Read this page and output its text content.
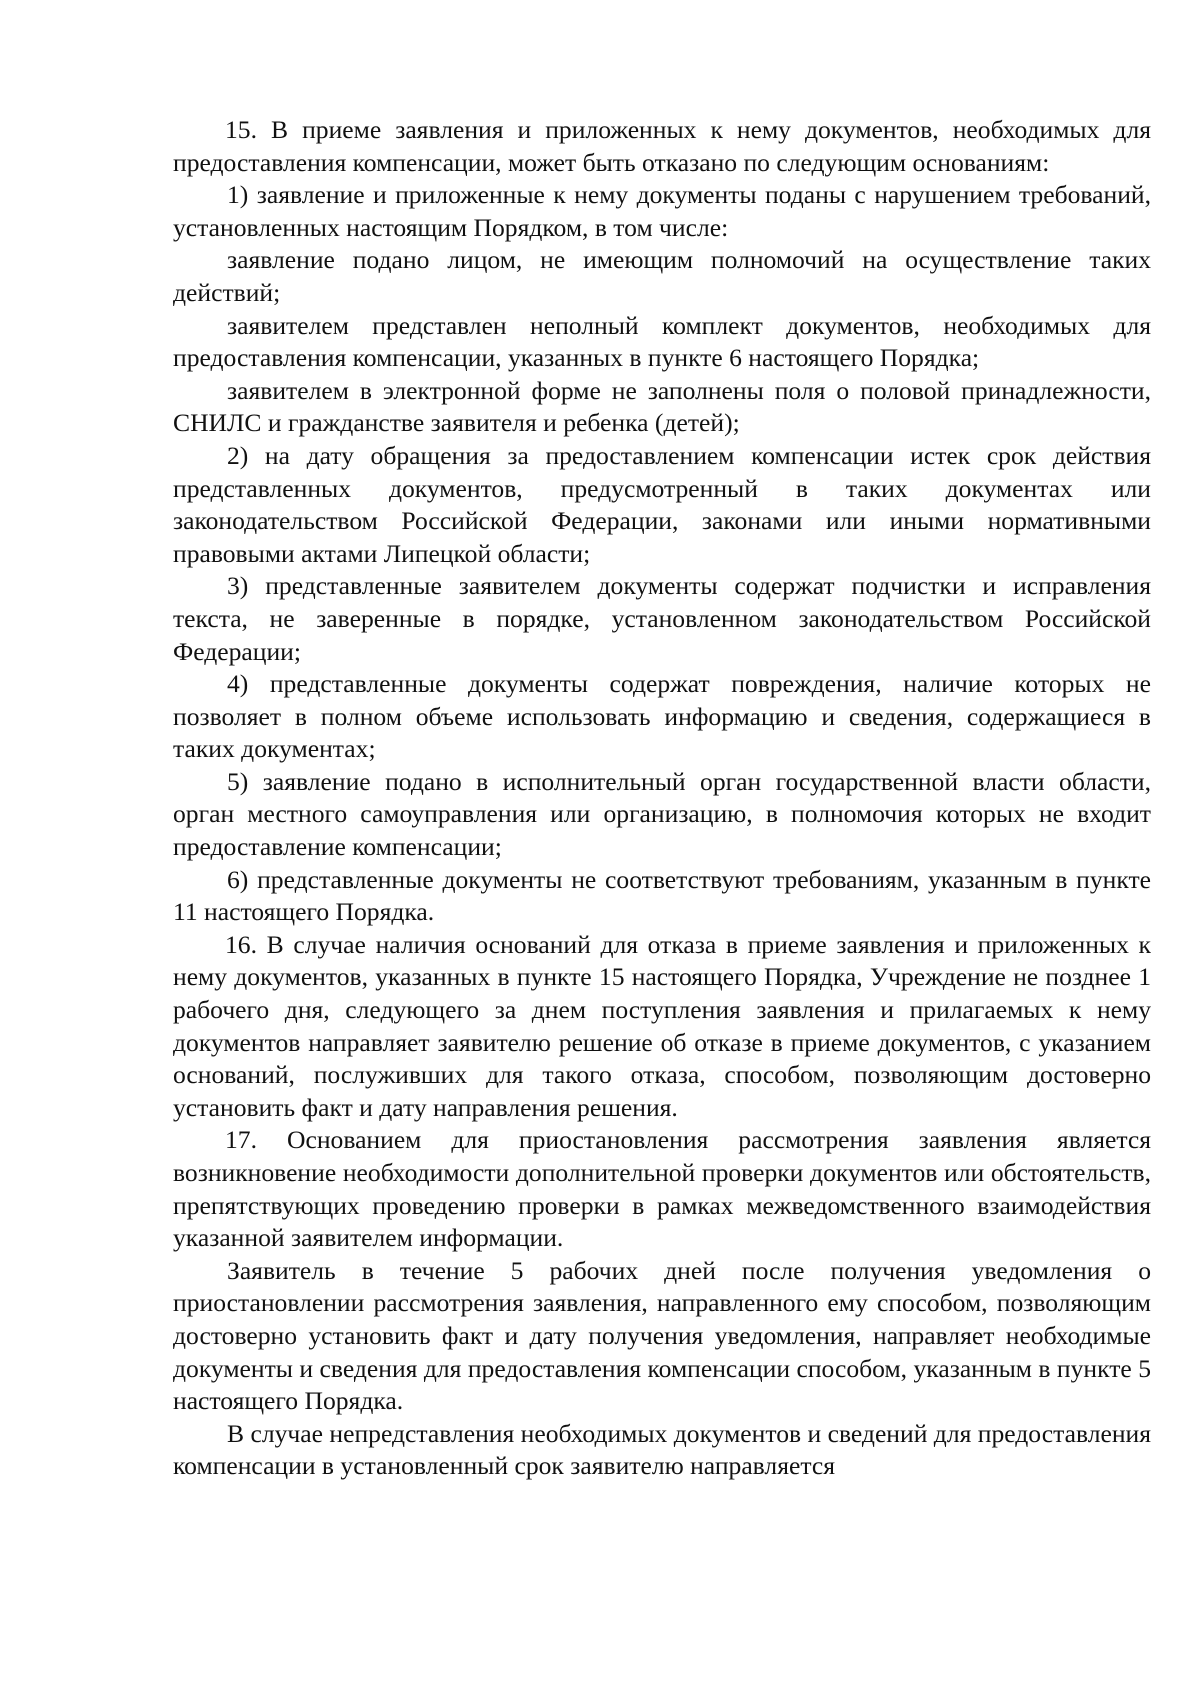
15. В приеме заявления и приложенных к нему документов, необходимых для предоставления компенсации, может быть отказано по следующим основаниям:

1) заявление и приложенные к нему документы поданы с нарушением требований, установленных настоящим Порядком, в том числе:

заявление подано лицом, не имеющим полномочий на осуществление таких действий;

заявителем представлен неполный комплект документов, необходимых для предоставления компенсации, указанных в пункте 6 настоящего Порядка;

заявителем в электронной форме не заполнены поля о половой принадлежности, СНИЛС и гражданстве заявителя и ребенка (детей);

2) на дату обращения за предоставлением компенсации истек срок действия представленных документов, предусмотренный в таких документах или законодательством Российской Федерации, законами или иными нормативными правовыми актами Липецкой области;

3) представленные заявителем документы содержат подчистки и исправления текста, не заверенные в порядке, установленном законодательством Российской Федерации;

4) представленные документы содержат повреждения, наличие которых не позволяет в полном объеме использовать информацию и сведения, содержащиеся в таких документах;

5) заявление подано в исполнительный орган государственной власти области, орган местного самоуправления или организацию, в полномочия которых не входит предоставление компенсации;

6) представленные документы не соответствуют требованиям, указанным в пункте 11 настоящего Порядка.

16. В случае наличия оснований для отказа в приеме заявления и приложенных к нему документов, указанных в пункте 15 настоящего Порядка, Учреждение не позднее 1 рабочего дня, следующего за днем поступления заявления и прилагаемых к нему документов направляет заявителю решение об отказе в приеме документов, с указанием оснований, послуживших для такого отказа, способом, позволяющим достоверно установить факт и дату направления решения.

17. Основанием для приостановления рассмотрения заявления является возникновение необходимости дополнительной проверки документов или обстоятельств, препятствующих проведению проверки в рамках межведомственного взаимодействия указанной заявителем информации.

Заявитель в течение 5 рабочих дней после получения уведомления о приостановлении рассмотрения заявления, направленного ему способом, позволяющим достоверно установить факт и дату получения уведомления, направляет необходимые документы и сведения для предоставления компенсации способом, указанным в пункте 5 настоящего Порядка.

В случае непредставления необходимых документов и сведений для предоставления компенсации в установленный срок заявителю направляется
